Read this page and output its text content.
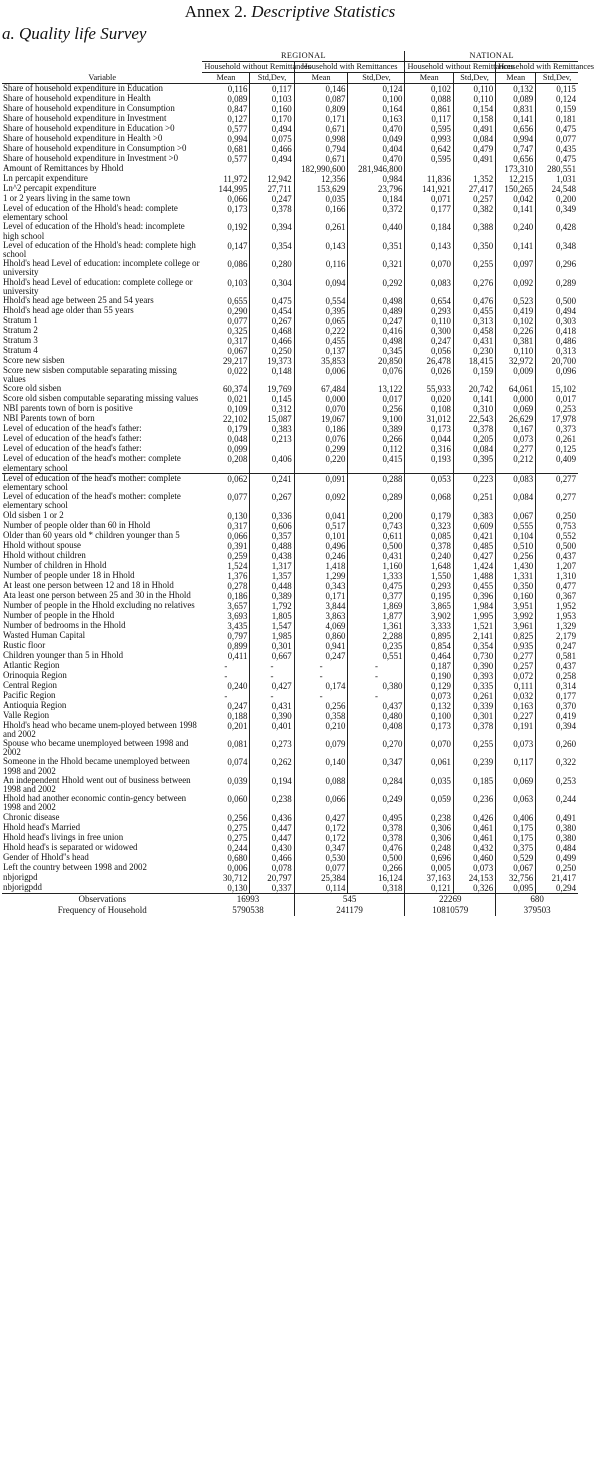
Annex 2. Descriptive Statistics
a. Quality life Survey
	REGIONAL				NATIONAL			
	Household without Remittances		Household with Remittances		Household without Remittances		Household with Remittances	
Variable	Mean	Std,Dev,	Mean	Std,Dev,	Mean	Std,Dev,	Mean	Std,Dev,
Share of household expenditure in Education	0,116	0,117	0,146	0,124	0,102	0,110	0,132	0,115
Share of household expenditure in Health	0,089	0,103	0,087	0,100	0,088	0,110	0,089	0,124
Share of household expenditure in Consumption	0,847	0,160	0,809	0,164	0,861	0,154	0,831	0,159
Share of household expenditure in Investment	0,127	0,170	0,171	0,163	0,117	0,158	0,141	0,181
Share of household expenditure in Education >0	0,577	0,494	0,671	0,470	0,595	0,491	0,656	0,475
Share of household expenditure in Health >0	0,994	0,075	0,998	0,049	0,993	0,084	0,994	0,077
Share of household expenditure in Consumption >0	0,681	0,466	0,794	0,404	0,642	0,479	0,747	0,435
Share of household expenditure in Investment >0	0,577	0,494	0,671	0,470	0,595	0,491	0,656	0,475
Amount of Remittances by Hhold			182,990,600	281,946,800			173,310	280,551
Ln percapit expenditure	11,972	12,942	12,356	0,984	11,836	1,352	12,215	1,031
Ln^2 percapit expenditure	144,995	27,711	153,629	23,796	141,921	27,417	150,265	24,548
1 or 2 years living in the same town	0,066	0,247	0,035	0,184	0,071	0,257	0,042	0,200
Level of education of the Hhold's head: complete elementary school	0,173	0,378	0,166	0,372	0,177	0,382	0,141	0,349
Level of education of the Hhold's head: incomplete high school	0,192	0,394	0,261	0,440	0,184	0,388	0,240	0,428
Level of education of the Hhold's head: complete high school	0,147	0,354	0,143	0,351	0,143	0,350	0,141	0,348
Hhold's head Level of education: incomplete college or university	0,086	0,280	0,116	0,321	0,070	0,255	0,097	0,296
Hhold's head Level of education: complete college or university	0,103	0,304	0,094	0,292	0,083	0,276	0,092	0,289
Hhold's head age between 25 and 54 years	0,655	0,475	0,554	0,498	0,654	0,476	0,523	0,500
Hhold's head age older than 55 years	0,290	0,454	0,395	0,489	0,293	0,455	0,419	0,494
Stratum 1	0,077	0,267	0,065	0,247	0,110	0,313	0,102	0,303
Stratum 2	0,325	0,468	0,222	0,416	0,300	0,458	0,226	0,418
Stratum 3	0,317	0,466	0,455	0,498	0,247	0,431	0,381	0,486
Stratum 4	0,067	0,250	0,137	0,345	0,056	0,230	0,110	0,313
Score new sisben	29,217	19,373	35,853	20,850	26,478	18,415	32,972	20,700
Score new sisben computable separating missing values	0,022	0,148	0,006	0,076	0,026	0,159	0,009	0,096
Score old sisben	60,374	19,769	67,484	13,122	55,933	20,742	64,061	15,102
Score old sisben computable separating missing values	0,021	0,145	0,000	0,017	0,020	0,141	0,000	0,017
NBI parents town of born is positive	0,109	0,312	0,070	0,256	0,108	0,310	0,069	0,253
NBI Parents town of born	22,102	15,087	19,067	9,100	31,012	22,543	26,629	17,978
Level of education of the head's father:	0,179	0,383	0,186	0,389	0,173	0,378	0,167	0,373
Level of education of the head's father:	0,048	0,213	0,076	0,266	0,044	0,205	0,073	0,261
Level of education of the head's father:	0,099		0,299	0,112	0,316	0,084	0,277	0,125
Level of education of the head's mother: complete elementary school	0,208	0,406	0,220	0,415	0,193	0,395	0,212	0,409
Level of education of the head's mother: complete elementary school	0,062	0,241	0,091	0,288	0,053	0,223	0,083	0,277
Level of education of the head's mother: complete elementary school	0,077	0,267	0,092	0,289	0,068	0,251	0,084	0,277
Old sisben 1 or 2	0,130	0,336	0,041	0,200	0,179	0,383	0,067	0,250
Number of people older than 60 in Hhold	0,317	0,606	0,517	0,743	0,323	0,609	0,555	0,753
Older than 60 years old * children younger than 5	0,066	0,357	0,101	0,611	0,085	0,421	0,104	0,552
Hhold without spouse	0,391	0,488	0,496	0,500	0,378	0,485	0,510	0,500
Hhold without children	0,259	0,438	0,246	0,431	0,240	0,427	0,256	0,437
Number of children in Hhold	1,524	1,317	1,418	1,160	1,648	1,424	1,430	1,207
Number of people under 18 in Hhold	1,376	1,357	1,299	1,333	1,550	1,488	1,331	1,310
At least one person between 12 and 18 in Hhold	0,278	0,448	0,343	0,475	0,293	0,455	0,350	0,477
Ata least one person between 25 and 30 in the Hhold	0,186	0,389	0,171	0,377	0,195	0,396	0,160	0,367
Number of people in the Hhold excluding no relatives	3,657	1,792	3,844	1,869	3,865	1,984	3,951	1,952
Number of people in the Hhold	3,693	1,805	3,863	1,877	3,902	1,995	3,992	1,953
Number of bedrooms in the Hhold	3,435	1,547	4,069	1,361	3,333	1,521	3,961	1,329
Wasted Human Capital	0,797	1,985	0,860	2,288	0,895	2,141	0,825	2,179
Rustic floor	0,899	0,301	0,941	0,235	0,854	0,354	0,935	0,247
Children younger than 5 in Hhold	0,411	0,667	0,247	0,551	0,464	0,730	0,277	0,581
Atlantic Region	-	-	-	-	0,187	0,390	0,257	0,437
Orinoquia Region	-	-	-	-	0,190	0,393	0,072	0,258
Central Region	0,240	0,427	0,174	0,380	0,129	0,335	0,111	0,314
Pacific Region	-	-	-	-	0,073	0,261	0,032	0,177
Antioquia Region	0,247	0,431	0,256	0,437	0,132	0,339	0,163	0,370
Valle Region	0,188	0,390	0,358	0,480	0,100	0,301	0,227	0,419
Hhold's head who became unem-ployed between 1998 and 2002	0,201	0,401	0,210	0,408	0,173	0,378	0,191	0,394
Spouse who became unemployed between 1998 and 2002	0,081	0,273	0,079	0,270	0,070	0,255	0,073	0,260
Someone in the Hhold became unemployed between 1998 and 2002	0,074	0,262	0,140	0,347	0,061	0,239	0,117	0,322
An independent Hhold went out of business between 1998 and 2002	0,039	0,194	0,088	0,284	0,035	0,185	0,069	0,253
Hhold had another economic contin-gency between 1998 and 2002	0,060	0,238	0,066	0,249	0,059	0,236	0,063	0,244
Chronic disease	0,256	0,436	0,427	0,495	0,238	0,426	0,406	0,491
Hhold head's Married	0,275	0,447	0,172	0,378	0,306	0,461	0,175	0,380
Hhold head's livings in free union	0,275	0,447	0,172	0,378	0,306	0,461	0,175	0,380
Hhold head's is separated or widowed	0,244	0,430	0,347	0,476	0,248	0,432	0,375	0,484
Gender of Hhold''s head	0,680	0,466	0,530	0,500	0,696	0,460	0,529	0,499
Left the country between 1998 and 2002	0,006	0,078	0,077	0,266	0,005	0,073	0,067	0,250
nbjorigpd	30,712	20,797	25,384	16,124	37,163	24,153	32,756	21,417
nbjorigpdd	0,130	0,337	0,114	0,318	0,121	0,326	0,095	0,294
Observations	16993		545		22269		680	
Frequency of Household	5790538		241179		10810579		379503	
